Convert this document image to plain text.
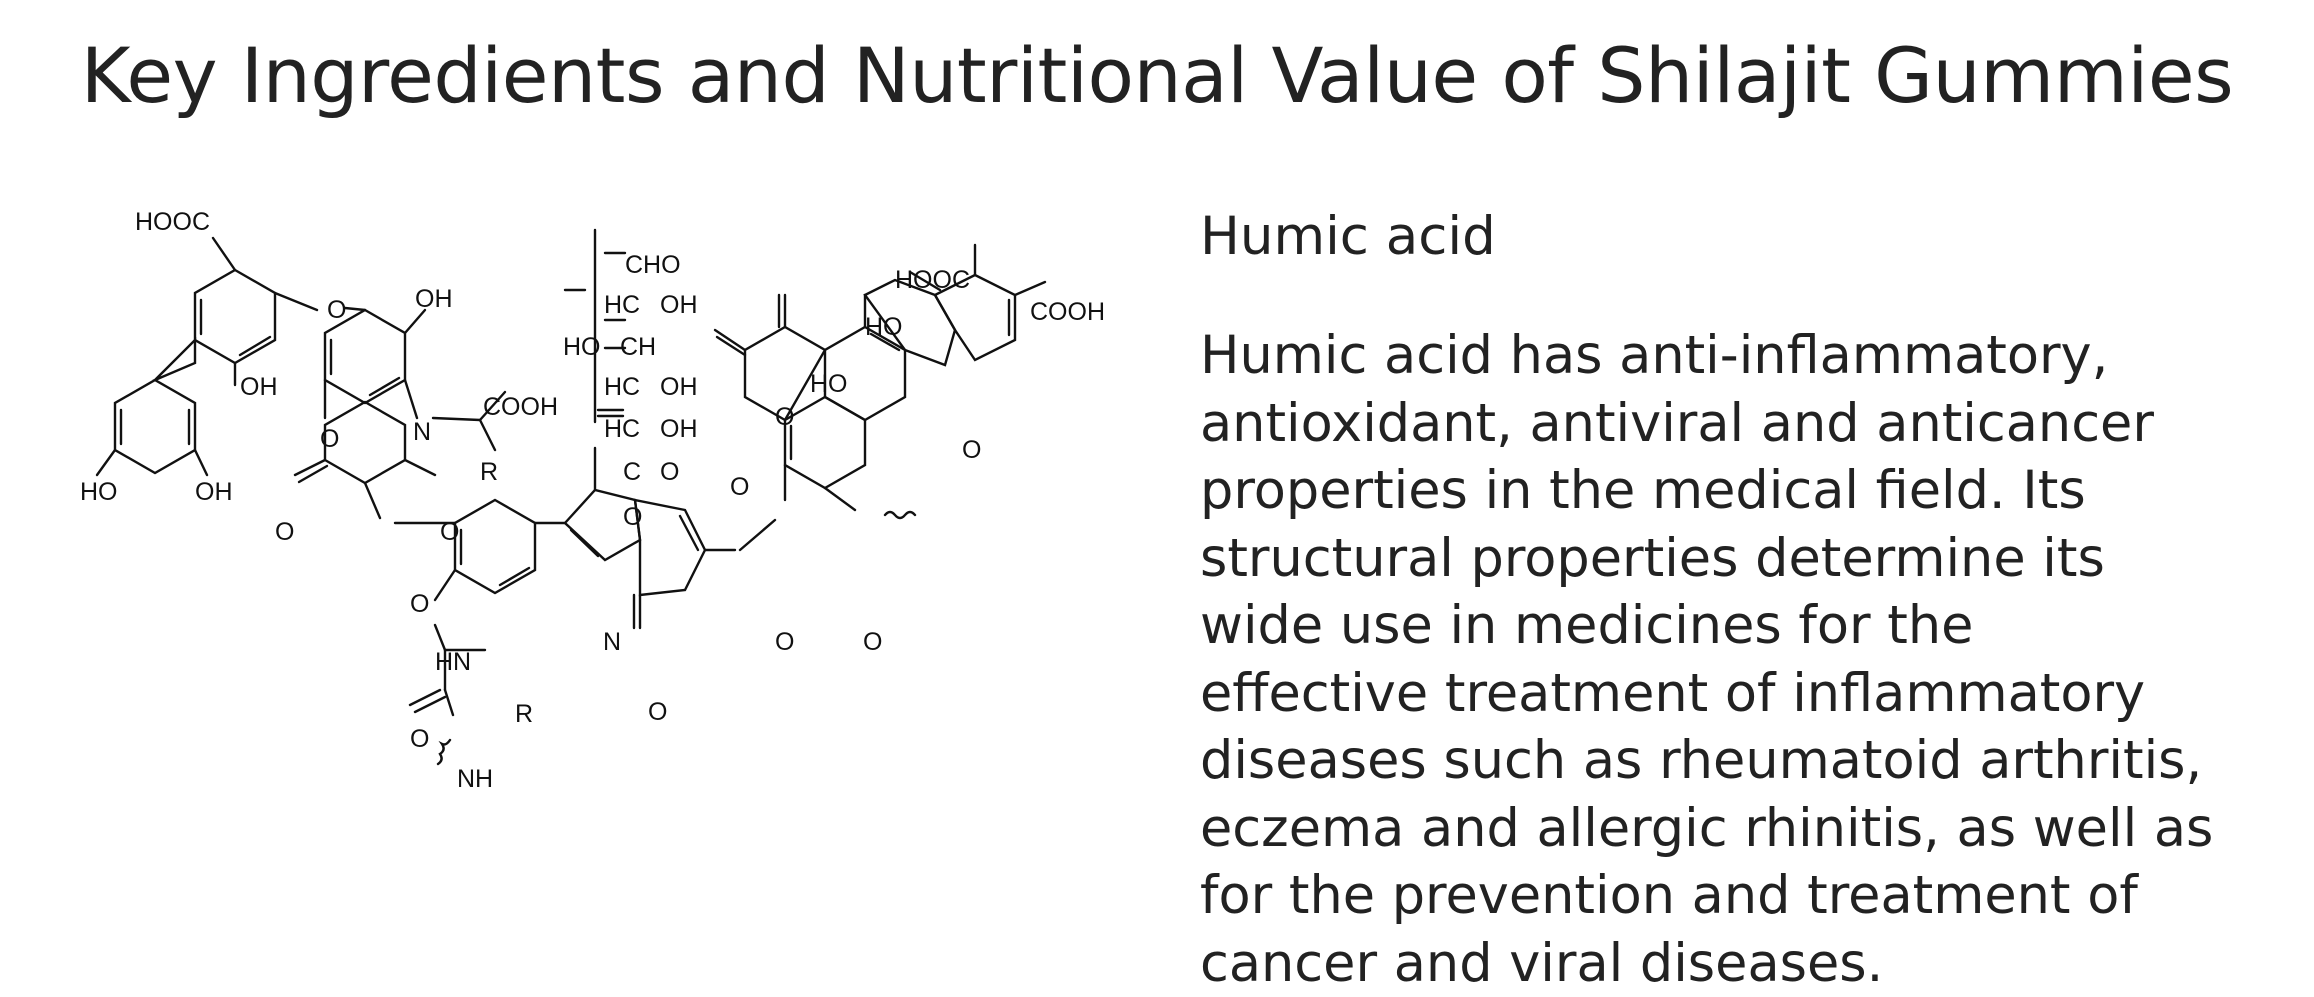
Key Ingredients and Nutritional Value of Shilajit Gummies
HOOC
HO	OH
OH
OH
O
O	N
COOH
R
O	O
O
HN
R
O
NH
CHO
HC OH
HO CH
HC OH
HC OH
C O
O
N
O
O
O
O
HO
HOOC
HO
COOH
O
O
Humic acid

Humic acid has anti-inflammatory,
antioxidant, antiviral and anticancer
properties in the medical field. Its
structural properties determine its
wide use in medicines for the
effective treatment of inflammatory
diseases such as rheumatoid arthritis,
eczema and allergic rhinitis, as well as
for the prevention and treatment of
cancer and viral diseases.
